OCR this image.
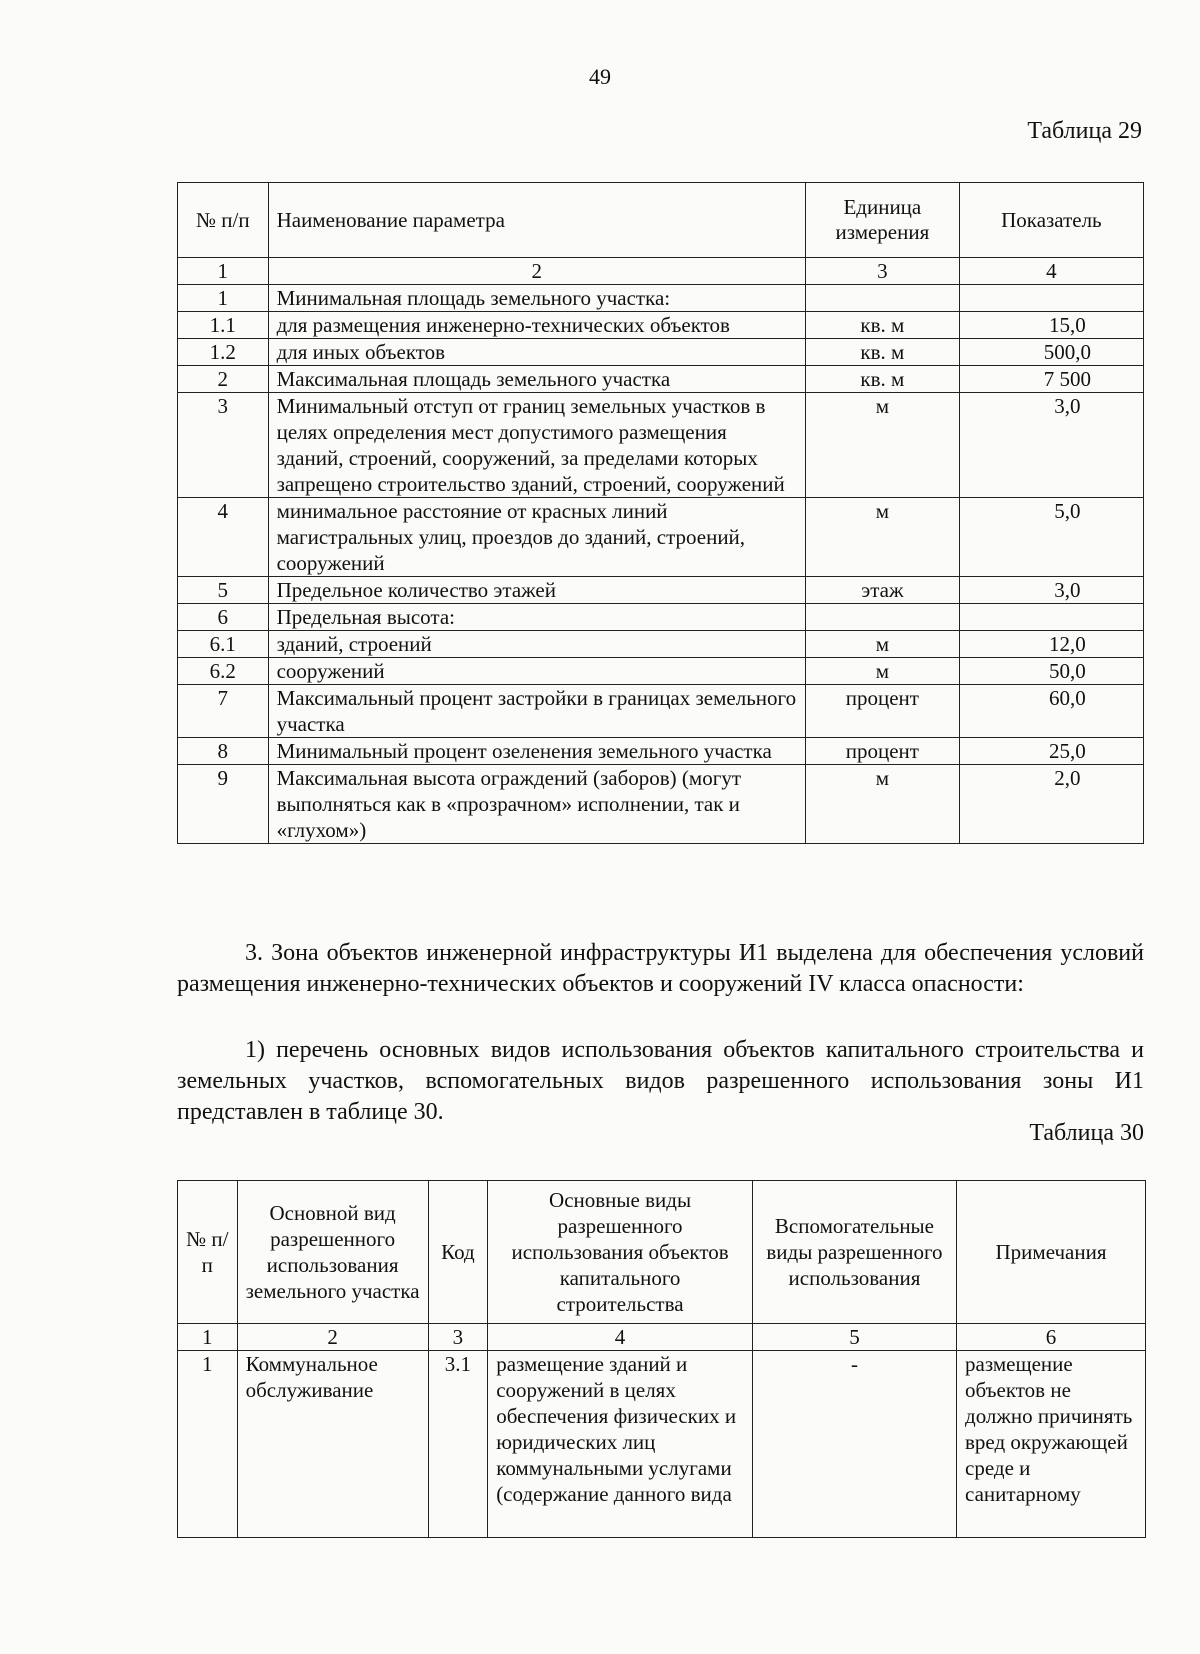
49
Таблица 29
№ п/п	Наименование параметра	Единица измерения	Показатель
1	2	3	4
1	Минимальная площадь земельного участка:		
1.1	для размещения инженерно-технических объектов	кв. м	15,0
1.2	для иных объектов	кв. м	500,0
2	Максимальная площадь земельного участка	кв. м	7 500
3	Минимальный отступ от границ земельных участков в целях определения мест допустимого размещения зданий, строений, сооружений, за пределами которых запрещено строительство зданий, строений, сооружений	м	3,0
4	минимальное расстояние от красных линий магистральных улиц, проездов до зданий, строений, сооружений	м	5,0
5	Предельное количество этажей	этаж	3,0
6	Предельная высота:		
6.1	зданий, строений	м	12,0
6.2	сооружений	м	50,0
7	Максимальный процент застройки в границах земельного участка	процент	60,0
8	Минимальный процент озеленения земельного участка	процент	25,0
9	Максимальная высота ограждений (заборов) (могут выполняться как в «прозрачном» исполнении, так и «глухом»)	м	2,0
3. Зона объектов инженерной инфраструктуры И1 выделена для обеспечения условий размещения инженерно-технических объектов и сооружений IV класса опасности:
1) перечень основных видов использования объектов капитального строительства и земельных участков, вспомогательных видов разрешенного использования зоны И1 представлен в таблице 30.
Таблица 30
№ п/п	Основной вид разрешенного использования земельного участка	Код	Основные виды разрешенного использования объектов капитального строительства	Вспомогательные виды разрешенного использования	Примечания
1	2	3	4	5	6
1	Коммунальное обслуживание	3.1	размещение зданий и сооружений в целях обеспечения физических и юридических лиц коммунальными услугами (содержание данного вида	-	размещение объектов не должно причинять вред окружающей среде и санитарному
